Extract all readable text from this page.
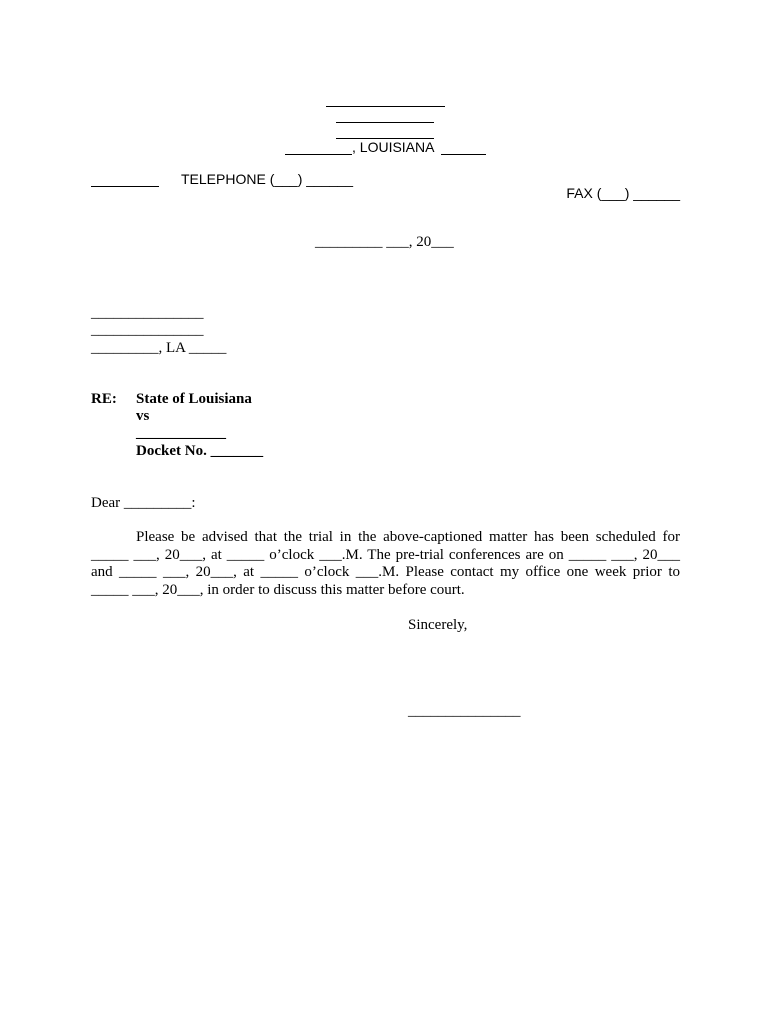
, LOUISIANA
TELEPHONE (___) ______
FAX (___) ______
_________ ___, 20___
_______________
_______________
_________, LA _____
RE: State of Louisiana
vs
____________
Docket No. _______
Dear _________:
Please be advised that the trial in the above-captioned matter has been scheduled for
_____ ___, 20___, at _____ o’clock ___.M. The pre-trial conferences are on _____ ___, 20___
and _____ ___, 20___, at _____ o’clock ___.M. Please contact my office one week prior to
_____ ___, 20___, in order to discuss this matter before court.
Sincerely,
_______________
